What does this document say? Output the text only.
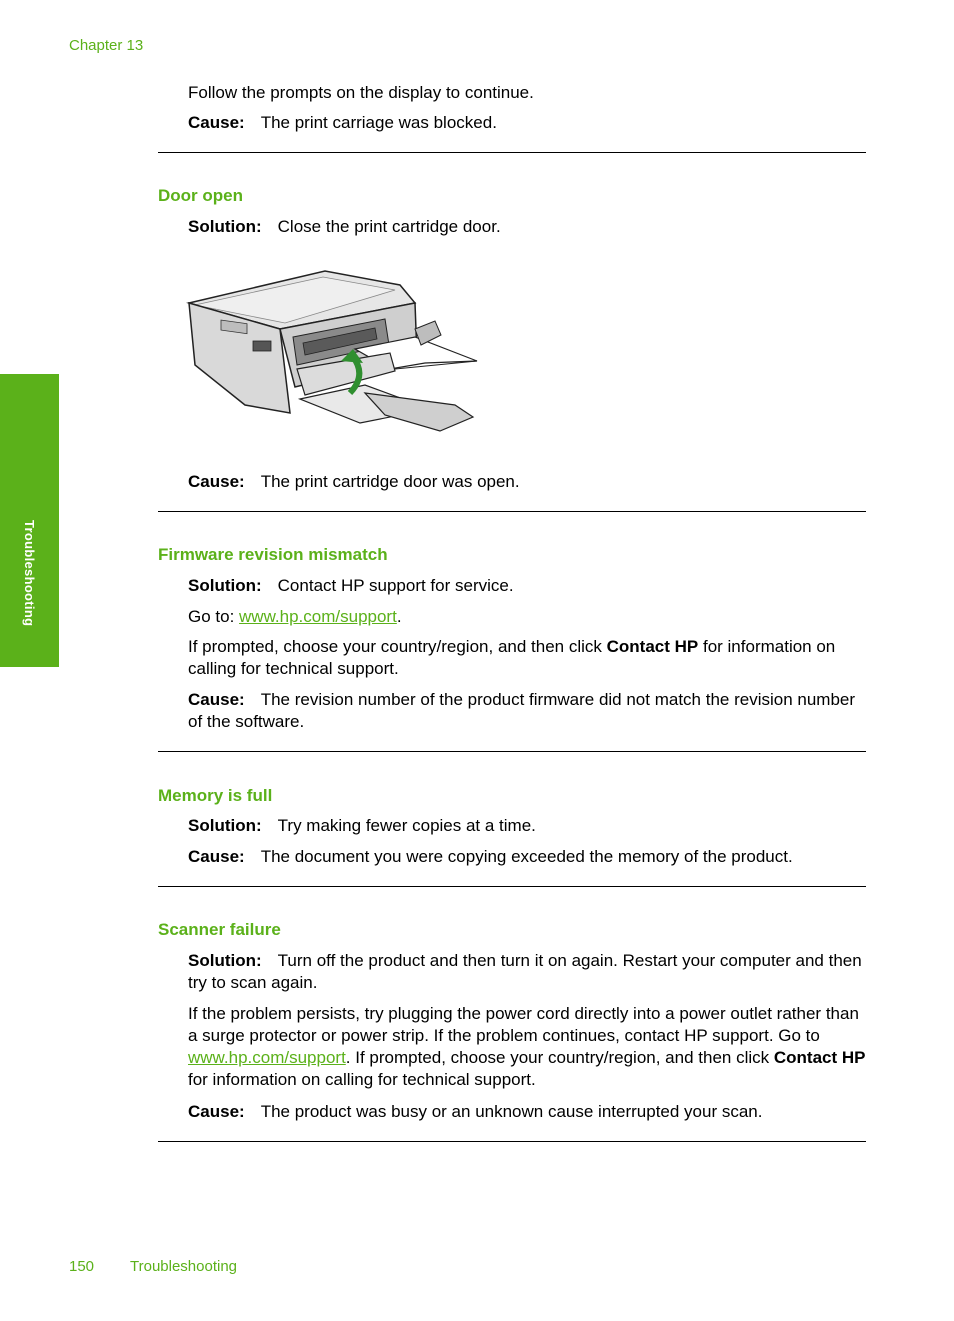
Chapter 13
Troubleshooting
Follow the prompts on the display to continue.
Cause: The print carriage was blocked.
Door open
Solution: Close the print cartridge door.
Cause: The print cartridge door was open.
Firmware revision mismatch
Solution: Contact HP support for service.
Go to: www.hp.com/support.
If prompted, choose your country/region, and then click Contact HP for information on calling for technical support.
Cause: The revision number of the product firmware did not match the revision number of the software.
Memory is full
Solution: Try making fewer copies at a time.
Cause: The document you were copying exceeded the memory of the product.
Scanner failure
Solution: Turn off the product and then turn it on again. Restart your computer and then try to scan again.
If the problem persists, try plugging the power cord directly into a power outlet rather than a surge protector or power strip. If the problem continues, contact HP support. Go to www.hp.com/support. If prompted, choose your country/region, and then click Contact HP for information on calling for technical support.
Cause: The product was busy or an unknown cause interrupted your scan.
150 Troubleshooting
